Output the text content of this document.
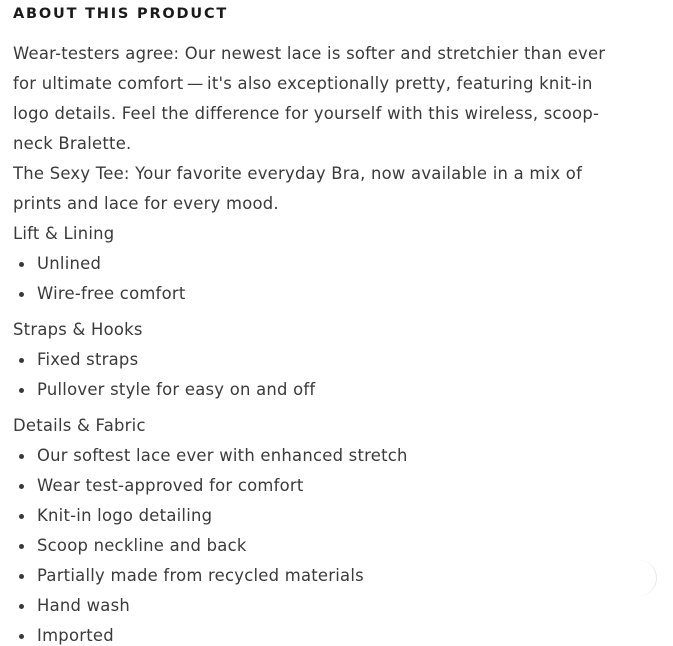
ABOUT THIS PRODUCT

Wear-testers agree: Our newest lace is softer and stretchier than ever for ultimate comfort — it's also exceptionally pretty, featuring knit-in logo details. Feel the difference for yourself with this wireless, scoop-neck Bralette.

The Sexy Tee: Your favorite everyday Bra, now available in a mix of prints and lace for every mood.

Lift & Lining

Unlined
Wire-free comfort

Straps & Hooks

Fixed straps
Pullover style for easy on and off

Details & Fabric

Our softest lace ever with enhanced stretch
Wear test-approved for comfort
Knit-in logo detailing
Scoop neckline and back
Partially made from recycled materials
Hand wash
Imported
